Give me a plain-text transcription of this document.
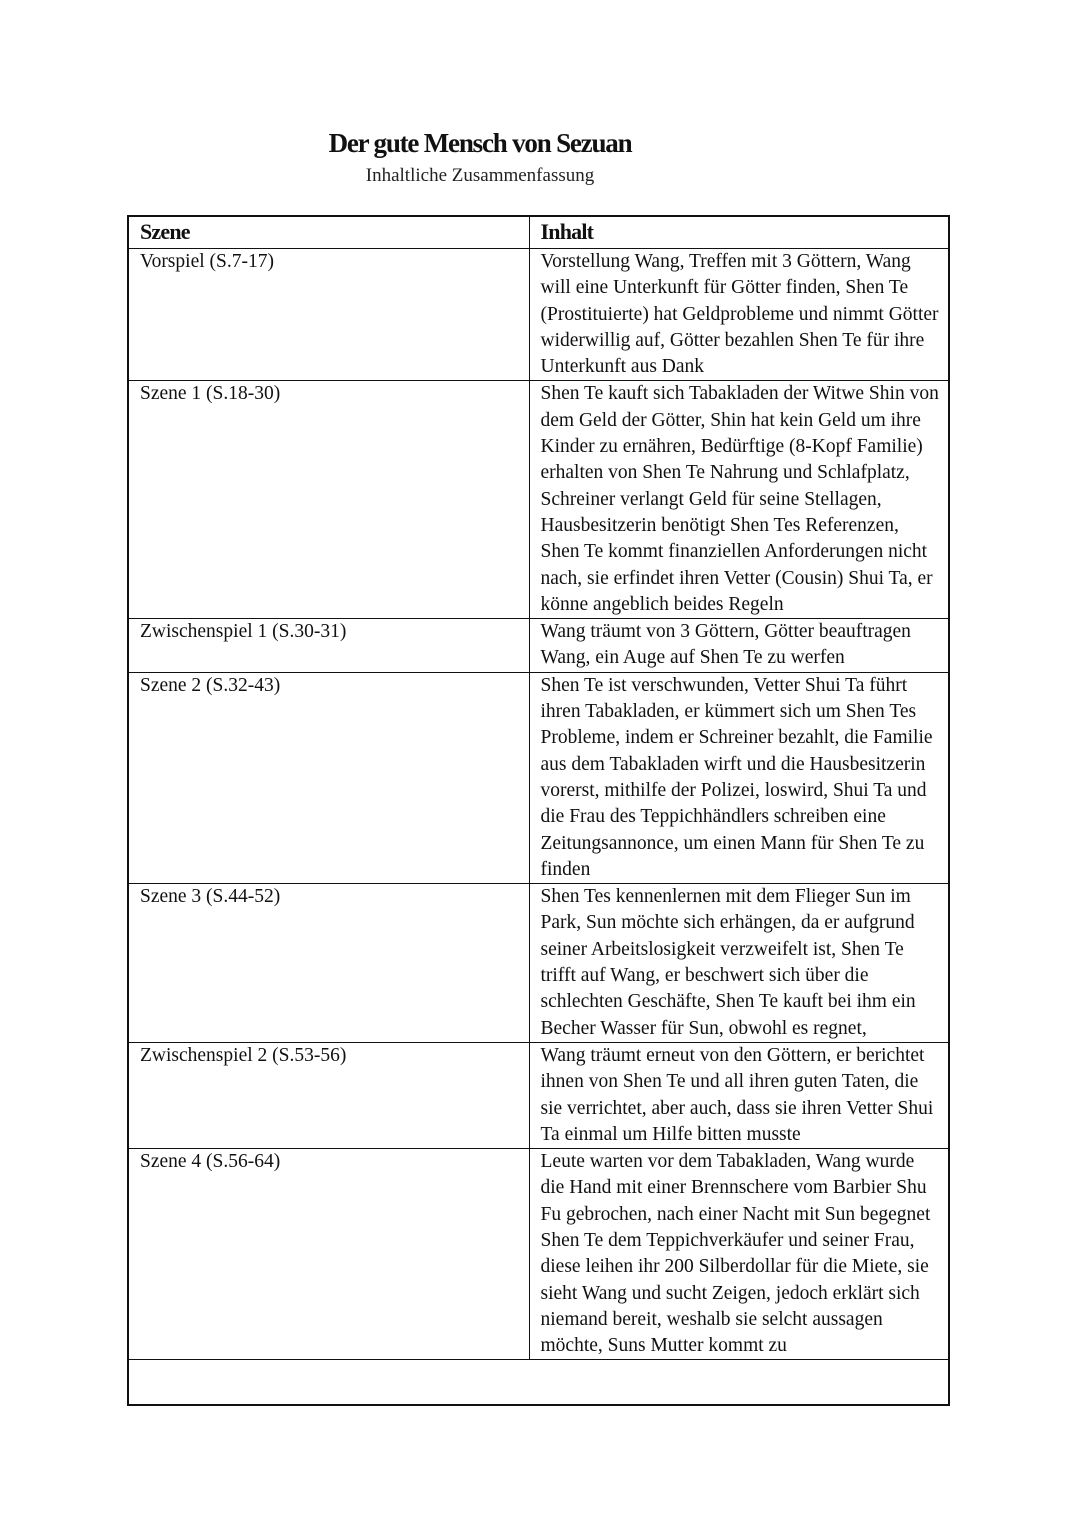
Der gute Mensch von Sezuan
Inhaltliche Zusammenfassung
Szene	Inhalt
Vorspiel (S.7-17)	Vorstellung Wang, Treffen mit 3 Göttern, Wang will eine Unterkunft für Götter finden, Shen Te (Prostituierte) hat Geldprobleme und nimmt Götter widerwillig auf, Götter bezahlen Shen Te für ihre Unterkunft aus Dank
Szene 1 (S.18-30)	Shen Te kauft sich Tabakladen der Witwe Shin von dem Geld der Götter, Shin hat kein Geld um ihre Kinder zu ernähren, Bedürftige (8-Kopf Familie) erhalten von Shen Te Nahrung und Schlafplatz, Schreiner verlangt Geld für seine Stellagen, Hausbesitzerin benötigt Shen Tes Referenzen, Shen Te kommt finanziellen Anforderungen nicht nach, sie erfindet ihren Vetter (Cousin) Shui Ta, er könne angeblich beides Regeln
Zwischenspiel 1 (S.30-31)	Wang träumt von 3 Göttern, Götter beauftragen Wang, ein Auge auf Shen Te zu werfen
Szene 2 (S.32-43)	Shen Te ist verschwunden, Vetter Shui Ta führt ihren Tabakladen, er kümmert sich um Shen Tes Probleme, indem er Schreiner bezahlt, die Familie aus dem Tabakladen wirft und die Hausbesitzerin vorerst, mithilfe der Polizei, loswird, Shui Ta und die Frau des Teppichhändlers schreiben eine Zeitungsannonce, um einen Mann für Shen Te zu finden
Szene 3 (S.44-52)	Shen Tes kennenlernen mit dem Flieger Sun im Park, Sun möchte sich erhängen, da er aufgrund seiner Arbeitslosigkeit verzweifelt ist, Shen Te trifft auf Wang, er beschwert sich über die schlechten Geschäfte, Shen Te kauft bei ihm ein Becher Wasser für Sun, obwohl es regnet,
Zwischenspiel 2 (S.53-56)	Wang träumt erneut von den Göttern, er berichtet ihnen von Shen Te und all ihren guten Taten, die sie verrichtet, aber auch, dass sie ihren Vetter Shui Ta einmal um Hilfe bitten musste
Szene 4 (S.56-64)	Leute warten vor dem Tabakladen, Wang wurde die Hand mit einer Brennschere vom Barbier Shu Fu gebrochen, nach einer Nacht mit Sun begegnet Shen Te dem Teppichverkäufer und seiner Frau, diese leihen ihr 200 Silberdollar für die Miete, sie sieht Wang und sucht Zeigen, jedoch erklärt sich niemand bereit, weshalb sie selcht aussagen möchte, Suns Mutter kommt zu
